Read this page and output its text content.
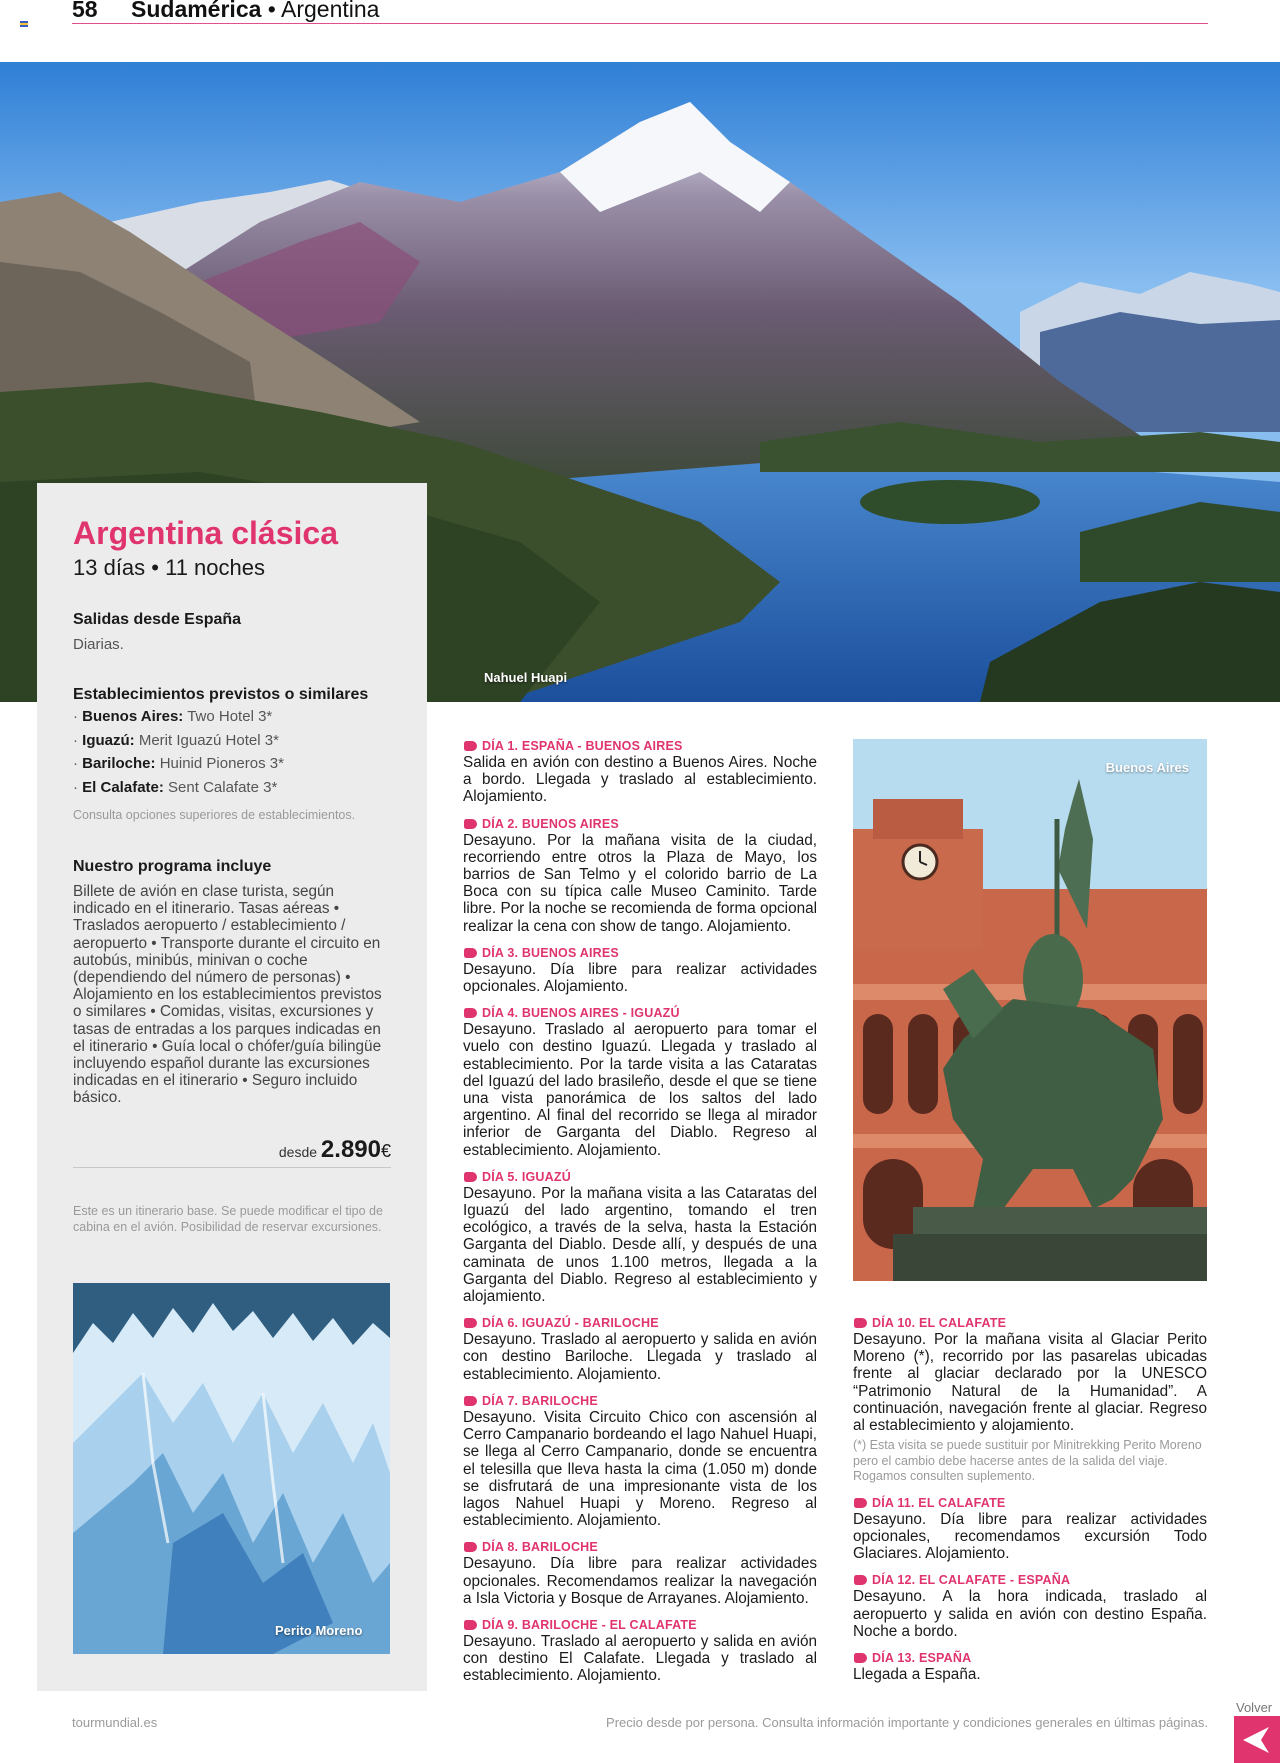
58 Sudamérica • Argentina
Nahuel Huapi
Argentina clásica
13 días • 11 noches
Salidas desde España
Diarias.
Establecimientos previstos o similares
· Buenos Aires: Two Hotel 3*
· Iguazú: Merit Iguazú Hotel 3*
· Bariloche: Huinid Pioneros 3*
· El Calafate: Sent Calafate 3*
Consulta opciones superiores de establecimientos.
Nuestro programa incluye
Billete de avión en clase turista, según indicado en el itinerario. Tasas aéreas • Traslados aeropuerto / establecimiento / aeropuerto • Transporte durante el circuito en autobús, minibús, minivan o coche (dependiendo del número de personas) • Alojamiento en los establecimientos previstos o similares • Comidas, visitas, excursiones y tasas de entradas a los parques indicadas en el itinerario • Guía local o chófer/guía bilingüe incluyendo español durante las excursiones indicadas en el itinerario • Seguro incluido básico.
desde 2.890€
Este es un itinerario base. Se puede modificar el tipo de cabina en el avión. Posibilidad de reservar excursiones.
Perito Moreno
Buenos Aires
DÍA 1. ESPAÑA - BUENOS AIRES
Salida en avión con destino a Buenos Aires. Noche a bordo. Llegada y traslado al establecimiento. Alojamiento.
DÍA 2. BUENOS AIRES
Desayuno. Por la mañana visita de la ciudad, recorriendo entre otros la Plaza de Mayo, los barrios de San Telmo y el colorido barrio de La Boca con su típica calle Museo Caminito. Tarde libre. Por la noche se recomienda de forma opcional realizar la cena con show de tango. Alojamiento.
DÍA 3. BUENOS AIRES
Desayuno. Día libre para realizar actividades opcionales. Alojamiento.
DÍA 4. BUENOS AIRES - IGUAZÚ
Desayuno. Traslado al aeropuerto para tomar el vuelo con destino Iguazú. Llegada y traslado al establecimiento. Por la tarde visita a las Cataratas del Iguazú del lado brasileño, desde el que se tiene una vista panorámica de los saltos del lado argentino. Al final del recorrido se llega al mirador inferior de Garganta del Diablo. Regreso al establecimiento. Alojamiento.
DÍA 5. IGUAZÚ
Desayuno. Por la mañana visita a las Cataratas del Iguazú del lado argentino, tomando el tren ecológico, a través de la selva, hasta la Estación Garganta del Diablo. Desde allí, y después de una caminata de unos 1.100 metros, llegada a la Garganta del Diablo. Regreso al establecimiento y alojamiento.
DÍA 6. IGUAZÚ - BARILOCHE
Desayuno. Traslado al aeropuerto y salida en avión con destino Bariloche. Llegada y traslado al establecimiento. Alojamiento.
DÍA 7. BARILOCHE
Desayuno. Visita Circuito Chico con ascensión al Cerro Campanario bordeando el lago Nahuel Huapi, se llega al Cerro Campanario, donde se encuentra el telesilla que lleva hasta la cima (1.050 m) donde se disfrutará de una impresionante vista de los lagos Nahuel Huapi y Moreno. Regreso al establecimiento. Alojamiento.
DÍA 8. BARILOCHE
Desayuno. Día libre para realizar actividades opcionales. Recomendamos realizar la navegación a Isla Victoria y Bosque de Arrayanes. Alojamiento.
DÍA 9. BARILOCHE - EL CALAFATE
Desayuno. Traslado al aeropuerto y salida en avión con destino El Calafate. Llegada y traslado al establecimiento. Alojamiento.
DÍA 10. EL CALAFATE
Desayuno. Por la mañana visita al Glaciar Perito Moreno (*), recorrido por las pasarelas ubicadas frente al glaciar declarado por la UNESCO “Patrimonio Natural de la Humanidad”. A continuación, navegación frente al glaciar. Regreso al establecimiento y alojamiento.
(*) Esta visita se puede sustituir por Minitrekking Perito Moreno pero el cambio debe hacerse antes de la salida del viaje. Rogamos consulten suplemento.
DÍA 11. EL CALAFATE
Desayuno. Día libre para realizar actividades opcionales, recomendamos excursión Todo Glaciares. Alojamiento.
DÍA 12. EL CALAFATE - ESPAÑA
Desayuno. A la hora indicada, traslado al aeropuerto y salida en avión con destino España. Noche a bordo.
DÍA 13. ESPAÑA
Llegada a España.
tourmundial.es	Precio desde por persona. Consulta información importante y condiciones generales en últimas páginas.
Volver
